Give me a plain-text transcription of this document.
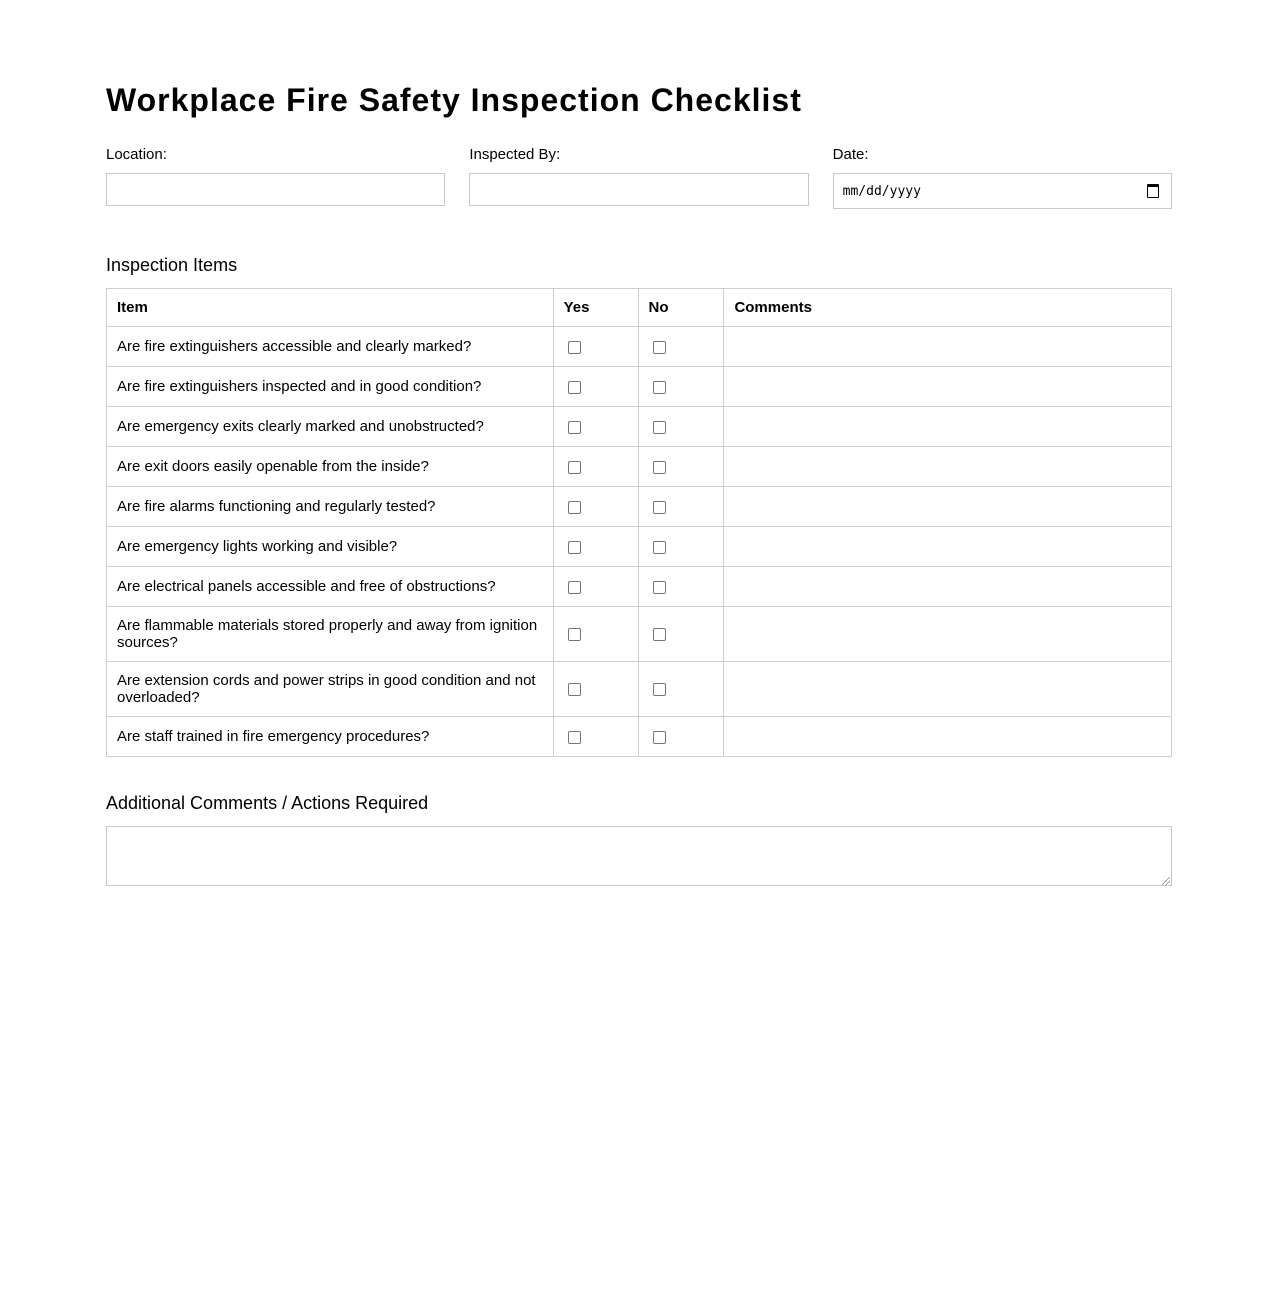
Workplace Fire Safety Inspection Checklist
Location:	Inspected By:	Date:
mm/dd/yyyy
Inspection Items
Item	Yes	No	Comments
Are fire extinguishers accessible and clearly marked?			
Are fire extinguishers inspected and in good condition?			
Are emergency exits clearly marked and unobstructed?			
Are exit doors easily openable from the inside?			
Are fire alarms functioning and regularly tested?			
Are emergency lights working and visible?			
Are electrical panels accessible and free of obstructions?			
Are flammable materials stored properly and away from ignition sources?			
Are extension cords and power strips in good condition and not overloaded?			
Are staff trained in fire emergency procedures?			
Additional Comments / Actions Required
